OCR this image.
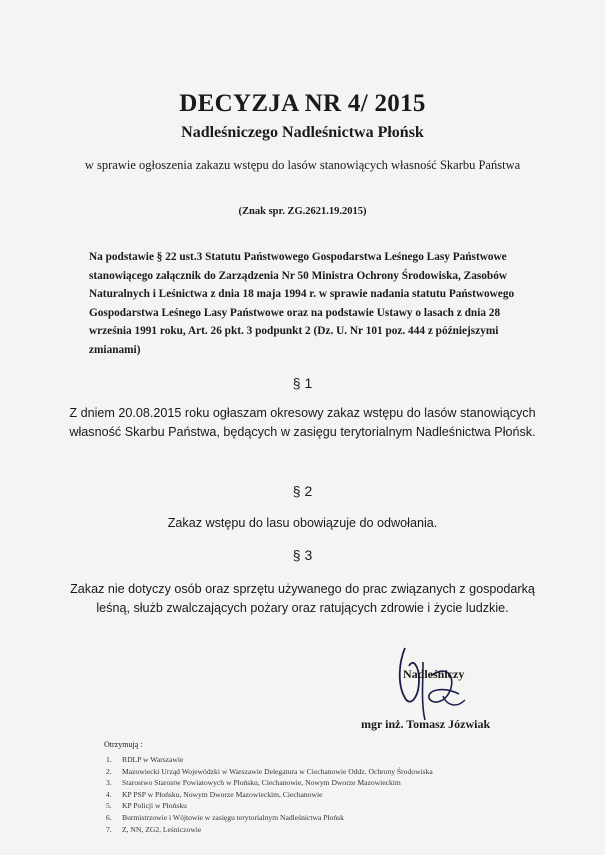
DECYZJA NR 4/ 2015
Nadleśniczego Nadleśnictwa Płońsk

w sprawie ogłoszenia zakazu wstępu do lasów stanowiących własność Skarbu Państwa

(Znak spr. ZG.2621.19.2015)

Na podstawie § 22 ust.3 Statutu Państwowego Gospodarstwa Leśnego Lasy Państwowe stanowiącego załącznik do Zarządzenia Nr 50 Ministra Ochrony Środowiska, Zasobów Naturalnych i Leśnictwa z dnia 18 maja 1994 r. w sprawie nadania statutu Państwowego Gospodarstwa Leśnego Lasy Państwowe oraz na podstawie Ustawy o lasach z dnia 28 września 1991 roku, Art. 26 pkt. 3 podpunkt 2 (Dz. U. Nr 101 poz. 444 z późniejszymi zmianami)

§ 1

Z dniem 20.08.2015 roku ogłaszam okresowy zakaz wstępu do lasów stanowiących własność Skarbu Państwa, będących w zasięgu terytorialnym Nadleśnictwa Płońsk.

§ 2

Zakaz wstępu do lasu obowiązuje do odwołania.

§ 3

Zakaz nie dotyczy osób oraz sprzętu używanego do prac związanych z gospodarką leśną, służb zwalczających pożary oraz ratujących zdrowie i życie ludzkie.

Nadleśniczy

mgr inż. Tomasz Józwiak

Otrzymują :

1. RDLP w Warszawie
2. Mazowiecki Urząd Wojewódzki w Warszawie Delegatura w Ciechanowie Oddz. Ochrony Środowiska
3. Starostwo Starostw Powiatowych w Płońsku, Ciechanowie, Nowym Dworze Mazowieckim
4. KP PSP w Płońsku, Nowym Dworze Mazowieckim, Ciechanowie
5. KP Policji w Płońsku
6. Burmistrzowie i Wójtowie w zasięgu terytorialnym Nadleśnictwa Płońsk
7. Z, NN, ZG2, Leśniczowie
